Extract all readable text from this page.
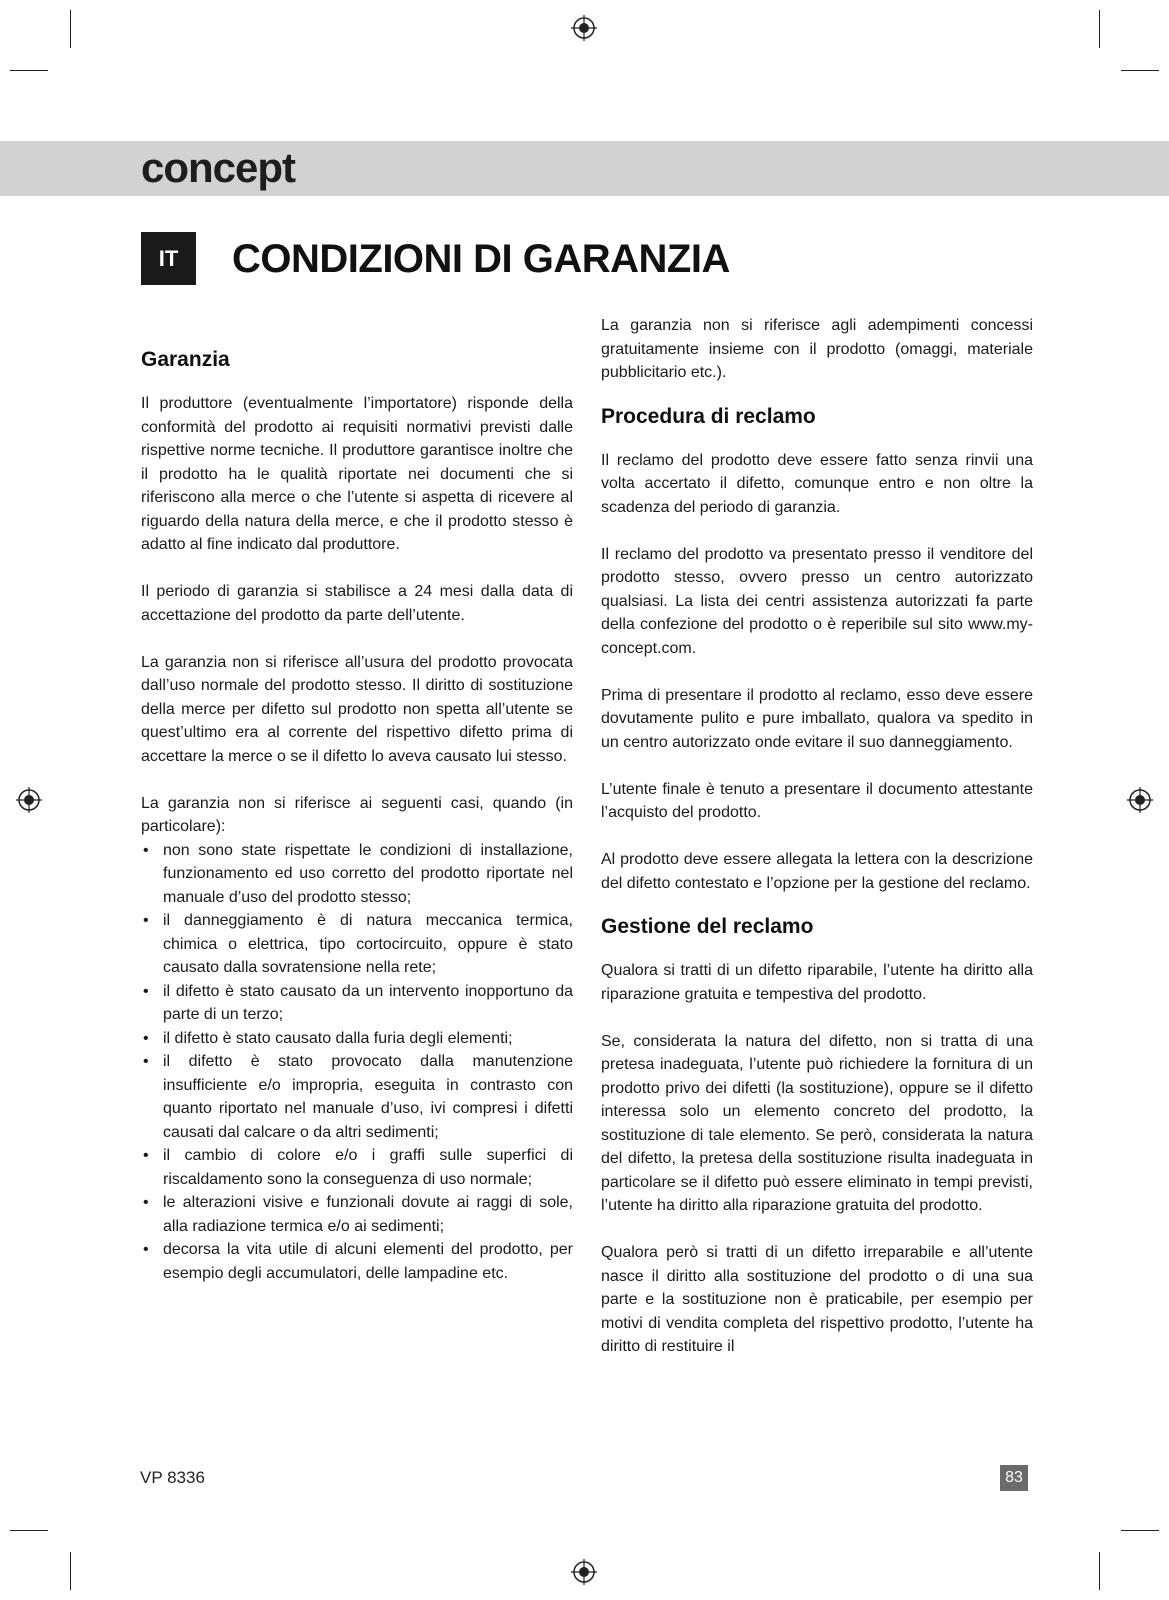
concept
IT	CONDIZIONI DI GARANZIA
Garanzia

Il produttore (eventualmente l’importatore) risponde della conformità del prodotto ai requisiti normativi previsti dalle rispettive norme tecniche. Il produttore garantisce inoltre che il prodotto ha le qualità riportate nei documenti che si riferiscono alla merce o che l’utente si aspetta di ricevere al riguardo della natura della merce, e che il prodotto stesso è adatto al fine indicato dal produttore.

Il periodo di garanzia si stabilisce a 24 mesi dalla data di accettazione del prodotto da parte dell’utente.

La garanzia non si riferisce all’usura del prodotto provocata dall’uso normale del prodotto stesso. Il diritto di sostituzione della merce per difetto sul prodotto non spetta all’utente se quest’ultimo era al corrente del rispettivo difetto prima di accettare la merce o se il difetto lo aveva causato lui stesso.

La garanzia non si riferisce ai seguenti casi, quando (in particolare):

• non sono state rispettate le condizioni di installazione, funzionamento ed uso corretto del prodotto riportate nel manuale d’uso del prodotto stesso;
• il danneggiamento è di natura meccanica termica, chimica o elettrica, tipo cortocircuito, oppure è stato causato dalla sovratensione nella rete;
• il difetto è stato causato da un intervento inopportuno da parte di un terzo;
• il difetto è stato causato dalla furia degli elementi;
• il difetto è stato provocato dalla manutenzione insufficiente e/o impropria, eseguita in contrasto con quanto riportato nel manuale d’uso, ivi compresi i difetti causati dal calcare o da altri sedimenti;
• il cambio di colore e/o i graffi sulle superfici di riscaldamento sono la conseguenza di uso normale;
• le alterazioni visive e funzionali dovute ai raggi di sole, alla radiazione termica e/o ai sedimenti;
• decorsa la vita utile di alcuni elementi del prodotto, per esempio degli accumulatori, delle lampadine etc.

La garanzia non si riferisce agli adempimenti concessi gratuitamente insieme con il prodotto (omaggi, materiale pubblicitario etc.).

Procedura di reclamo

Il reclamo del prodotto deve essere fatto senza rinvii una volta accertato il difetto, comunque entro e non oltre la scadenza del periodo di garanzia.

Il reclamo del prodotto va presentato presso il venditore del prodotto stesso, ovvero presso un centro autorizzato qualsiasi. La lista dei centri assistenza autorizzati fa parte della confezione del prodotto o è reperibile sul sito www.my-concept.com.

Prima di presentare il prodotto al reclamo, esso deve essere dovutamente pulito e pure imballato, qualora va spedito in un centro autorizzato onde evitare il suo danneggiamento.

L’utente finale è tenuto a presentare il documento attestante l’acquisto del prodotto.

Al prodotto deve essere allegata la lettera con la descrizione del difetto contestato e l’opzione per la gestione del reclamo.

Gestione del reclamo

Qualora si tratti di un difetto riparabile, l’utente ha diritto alla riparazione gratuita e tempestiva del prodotto.

Se, considerata la natura del difetto, non si tratta di una pretesa inadeguata, l’utente può richiedere la fornitura di un prodotto privo dei difetti (la sostituzione), oppure se il difetto interessa solo un elemento concreto del prodotto, la sostituzione di tale elemento. Se però, considerata la natura del difetto, la pretesa della sostituzione risulta inadeguata in particolare se il difetto può essere eliminato in tempi previsti, l’utente ha diritto alla riparazione gratuita del prodotto.

Qualora però si tratti di un difetto irreparabile e all’utente nasce il diritto alla sostituzione del prodotto o di una sua parte e la sostituzione non è praticabile, per esempio per motivi di vendita completa del rispettivo prodotto, l’utente ha diritto di restituire il

VP 8336	83
